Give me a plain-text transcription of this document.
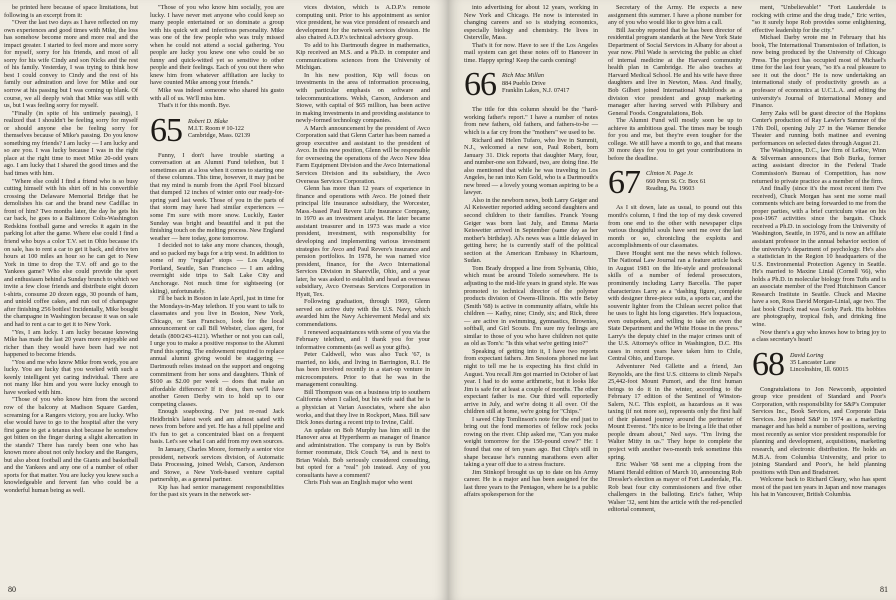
be printed here because of space limitations, but following is an excerpt from it:

"Over the last two days as I have reflected on my own experiences and good times with Mike, the loss has somehow become more and more real and the impact greater. I started to feel more and more sorry for myself, sorry for his friends, and most of all sorry for his wife Cindy and son Nicks and the rest of his family. Yesterday, I was trying to think how best I could convey to Cindy and the rest of his family our admiration and love for Mike and our sorrow at his passing but I was coming up blank. Of course, we all deeply wish that Mike was still with us, but I was feeling sorry for myself.

"Finally (in spite of his untimely passing), I realized that I shouldn't be feeling sorry for myself or should anyone else be feeling sorry for themselves because of Mike's passing. Do you know something my friends? I am lucky — I am lucky and so are you. I was lucky because I was in the right place at the right time to meet Mike 20-odd years ago. I am lucky that I shared the good times and the bad times with him.

"Where else could I find a friend who is so busy cutting himself with his shirt off in his convertible crossing the Delaware Memorial Bridge that he demolishes his car and the brand new Cadillac in front of him? Two months later, the day he gets his car back, he goes to a Baltimore Colts-Washington Redskins football game and wrecks it again in the parking lot after the game. Where else could I find a friend who buys a color T.V. set in Ohio because it's on sale, has to rent a car to get it back, and drive ten hours at 100 miles an hour so he can get to New York in time to drop the T.V. off and go to the Yankees game? Who else could provide the sport and enthusiasm behind a Sunday brunch to which we invite a few close friends and distribute eight dozen t-shirts, consume 20 dozen eggs, 30 pounds of ham, and untold coffee cakes, and run out of champagne after finishing 256 bottles! Incidentally, Mike bought the champagne in Washington because it was on sale and had to rent a car to get it to New York.

"Yes, I am lucky. I am lucky because knowing Mike has made the last 20 years more enjoyable and richer than they would have been had we not happened to become friends.

"You and me who know Mike from work, you are lucky. You are lucky that you worked with such a keenly intelligent yet caring individual. There are not many like him and you were lucky enough to have worked with him.

"Those of you who know him from the second row of the balcony at Madison Square Garden, screaming for a Rangers victory, you are lucky. Who else would have to go to the hospital after the very first game to get a tetanus shot because he somehow got bitten on the finger during a slight altercation in the stands? There has rarely been one who has known more about not only hockey and the Rangers, but also about football and the Giants and basketball and the Yankees and any one of a number of other sports for that matter. You are lucky you knew such a knowledgeable and fervent fan who could be a wonderful human being as well.

"Those of you who know him socially, you are lucky. I have never met anyone who could keep so many people entertained or so dominate a group with his quick wit and infectious personality. Mike was one of the few people who was truly missed when he could not attend a social gathering. You people are lucky you knew one who could be so funny and quick-witted yet so sensitive to other people and their feelings. Each of you out there who knew him from whatever affiliation are lucky to have counted Mike among your friends."

Mike was indeed someone who shared his gusto with all of us. We'll miss him.

That's it for this month. Bye.

65 Robert D. Blake
M.I.T. Room # 10-122
Cambridge, Mass. 02139

Funny, I don't have trouble starting a conversation at an Alumni Fund telethon, but I sometimes am at a loss when it comes to starting one of these columns. This time, however, it may just be that my mind is numb from the April Fool blizzard that dumped 12 inches of winter onto our ready-for-spring yard last week. Those of you in the parts of that storm may have had similar experiences — some I'm sure with more snow. Luckily, Easter Sunday was bright and beautiful and it put the finishing touch on the melting process. New England weather — here today, gone tomorrow.

I decided not to take any more chances, though, and so packed my bags for a trip west. In addition to some of my "regular" stops — Los Angeles, Portland, Seattle, San Francisco — I am adding overnight side trips to Salt Lake City and Anchorage. Not much time for sightseeing (or skiing), unfortunately.

I'll be back in Boston in late April, just in time for the Mondays-in-May telethon. If you want to talk to classmates and you live in Boston, New York, Chicago, or San Francisco, look for the local announcement or call Bill Webster, class agent, for details (800/243-4121). Whether or not you can call, I urge you to make a positive response to the Alumni Fund this spring. The endowment required to replace annual alumni giving would be staggering — Dartmouth relies instead on the support and ongoing commitment from her sons and daughters. Think of $100 as $2.00 per week — does that make an affordable difference? If it does, then we'll have another Green Derby win to hold up to our competing classes.

Enough soapboxing. I've just re-read Jack Heidbrink's latest work and am almost sated with news from before and yet. He has a full pipeline and it's fun to get a concentrated blast on a frequent basis. Let's see what I can add from my own sources.

In January, Charles Moore, formerly a senior vice president, network services division, of Automatic Data Processing, joined Welsh, Carson, Anderson and Stowe, a New York-based venture capital partnership, as a general partner.

Kip has had senior management responsibilities for the past six years in the network ser-

vices division, which is A.D.P.'s remote computing unit. Prior to his appointment as senior vice president, he was vice president of research and development for the network services division. He also chaired A.D.P.'s technical advisory group.

To add to his Dartmouth degree in mathematics, Kip received an M.S. and a Ph.D. in computer and communications sciences from the University of Michigan.

In his new position, Kip will focus on investments in the area of information processing, with particular emphasis on software and telecommunications. Welsh, Carson, Anderson and Stowe, with capital of $65 million, has been active in making investments in and providing assistance to newly-formed technology companies.

A March announcement by the president of Avco Corporation said that Glenn Carter has been named a group executive and assistant to the president of Avco. In this new position, Glenn will be responsible for overseeing the operations of the Avco New Idea Farm Equipment Division and the Avco International Services Division and its subsidiary, the Avco Overseas Services Corporation.

Glenn has more than 12 years of experience in finance and operations with Avco. He joined their principal life insurance subsidiary, the Worcester, Mass.-based Paul Revere Life Insurance Company, in 1970 as an investment analyst. He later became assistant treasurer and in 1973 was made a vice president, investment, with responsibility for developing and implementing various investment strategies for Avco and Paul Revere's insurance and pension portfolios. In 1978, he was named vice president, finance, for the Avco International Services Division in Shareville, Ohio, and a year later, he was asked to establish and head an overseas subsidiary, Avco Overseas Services Corporation in Hyatt, Tex.

Following graduation, through 1969, Glenn served on active duty with the U.S. Navy, which awarded him the Navy Achievement Medal and six commendations.

I renewed acquaintances with some of you via the February telethon, and I thank you for your informative comments (as well as your gifts).

Peter Caldwell, who was also Tuck '67, is married, no kids, and living in Barrington, R.I. He has been involved recently in a start-up venture in microcomputers. Prior to that he was in the management consulting.

Bill Thompson was on a business trip to southern California when I called, but his wife said that he is a physician at Varian Associates, where she also works, and that they live in Rockport, Mass. Bill saw Dick Jones during a recent trip to Irvine, Calif.

An update on Bob Murphy has him still in the Hanover area at Hypertherm as manager of finance and administration. The company is run by Bob's former roommate, Dick Couch '64, and is next to Brian Walsh. Bob seriously considered consulting, but opted for a "real" job instead. Any of you consultants have a comment?

Chris Fish was an English major who went

80

into advertising for about 12 years, working in New York and Chicago. He now is interested in changing careers and so is studying economics, especially biology and chemistry. He lives in Osterville, Mass.

That's it for now. Have to see if the Los Angeles mail system can get these notes off to Hanover in time. Happy spring! Keep the cards coming!

66 Rich Mac Millan
884 Pueblo Drive
Franklin Lakes, N.J. 07417

The title for this column should be the "hard-working father's report." I have a number of notes from new fathers, old fathers, and fathers-to-be — which is a far cry from the "mothers" we used to be.

Richard and Helen Tufaro, who live in Summit, N.J., welcomed a new son, Paul Robert, born January 31. Dick reports that daughter Mary, four, and number-one son Edward, two, are doing fine. He also mentioned that while he was traveling in Los Angeles, he ran into Ken Gold, who is a Dartmouth's new breed — a lovely young woman aspiring to be a lawyer.

Also in the newborn news, both Larry Geiger and Al Keiswetter reported adding second daughters and second children to their families. Franck Young Geiger was born last July, and Emma Maria Keiswetter arrived in September (same day as her mother's birthday). Al's news was a little delayed in getting here; he is currently staff of the political section at the American Embassy in Khartoum, Sudan.

Tom Brady dropped a line from Sylvania, Ohio, which must be around Toledo somewhere. He is adjusting to the mid-life years in grand style. He was promoted to technical director of the polymer products division of Owens-Illinois. His wife Betsy (Smith '68) is active in community affairs, while his children — Kathy, nine; Cindy, six; and Rick, three — are active in swimming, gymnastics, Brownies, softball, and Girl Scouts. I'm sure my feelings are similar to those of you who have children not quite as old as Tom's: "Is this what we're getting into?"

Speaking of getting into it, I have two reports from expectant fathers. Jim Sessions phoned me last night to tell me he is expecting his first child in August. You recall Jim got married in October of last year. I had to do some arithmetic, but it looks like Jim is safe for at least a couple of months. The other expectant father is me. Our third will reportedly arrive in July, and we're doing it all over. Of the children still at home, we're going for "Chips."

I saved Chip Tomlinson's note for the end just to bring out the fond memories of fellow rock jocks rowing on the river. Chip asked me, "Can you make weight tomorrow for the 150-pound crew?" He: I found that one of ten years ago. But Chip's still in shape because he's running marathons even after taking a year off due to a stress fracture.

Jim Stinkopf brought us up to date on his Army career. He is a major and has been assigned for the last three years to the Pentagon, where he is a public affairs spokesperson for the

Secretary of the Army. He expects a new assignment this summer. I have a phone number for any of you who would like to give him a call.

Bill Jacoby reported that he has been director of residential program standards at the New York State Department of Social Services in Albany for about a year now. Phil Wade is servicing the public as chief of internal medicine at the Harvard community health plan in Cambridge. He also teaches at Harvard Medical School. He and his wife have three daughters and live in Newton, Mass. And finally, Bob Gilbert joined International Multifoods as a division vice president and group marketing manager after having served with Pillsbury and General Foods. Congratulations, Bob.

The Alumni Fund will mostly soon be up to achieve its ambitious goal. The times may be tough for you and me, but they're even tougher for the college. We still have a month to go, and that means 30 more days for you to get your contributions in before the deadline.

67 Clinton N. Page Jr.
660 Penn St. Cr. Box 61
Reading, Pa. 19603

As I sit down, late as usual, to pound out this month's column, I find the top of my desk covered from one end to the other with newspaper clips various thoughtful souls have sent me over the last month or so, chronicling the exploits and accomplishments of our classmates.

Dave Hought sent me the news which follows. The National Law Journal ran a feature article back in August 1981 on the life-style and professional skills of a number of federal prosecutors, prominently including Larry Barcella. The paper characterizes Larry as a "dashing figure, complete with designer three-piece suits, a sports car, and the souvenir lighter from the Chilean secret police that he uses to light his long cigarettes. He's loquacious, even outspoken, and willing to take on even the State Department and the White House in the press." Larry's the deputy chief in the major crimes unit of the U.S. Attorney's office in Washington, D.C. His cases in recent years have taken him to Chile, Central Ohio, and Europe.

Adventurer Ned Gillette and a friend, Jan Reynolds, are the first U.S. citizens to climb Nepal's 25,442-foot Mount Pumori, and the first human beings to do it in the winter, according to the February 17 edition of the Sentinel of Winston-Salem, N.C. This exploit, as hazardous as it was taxing (if not more so), represents only the first half of their planned journey around the perimeter of Mount Everest. "It's nice to be living a life that other people dream about," Ned says. "I'm living the Walter Mitty in us." They hope to complete the project with another two-month trek sometime this spring.

Eric Walser '68 sent me a clipping from the Miami Herald edition of March 10, announcing Rob Dressler's election as mayor of Fort Lauderdale, Fla. Rob beat four city commissioners and five other challengers in the balloting. Eric's father, Whip Walser '32, sent him the article with the red-penciled editorial comment,

ment, "Unbelievable!" "Fort Lauderdale is rocking with crime and the drug trade," Eric writes, "so it surely hope Rob provides some enlightening, effective leadership for the city."

Michael Darby wrote me in February that his book, The International Transmission of Inflation, is now being produced by the University of Chicago Press. The project has occupied most of Michael's time for the last four years, "so it's a real pleasure to see it out the door." He is now undertaking an international study of productivity growth as a professor of economics at U.C.L.A. and editing the university's Journal of International Money and Finance.

Jerry Zaks will be guest director of the Hopkins Center's production of Ray Lawler's Summer of the 17th Doll, opening July 27 in the Warner Beneke Theater and running both matinee and evening performances on selected dates through August 21.

The Washington, D.C., law firm of LeRoc, Winn & Silverman announces that Bob Burka, former acting assistant director in the Federal Trade Commission's Bureau of Competition, has now returned to private practice as a member of the firm.

And finally (since it's the most recent item I've received), Chuck Morgan has sent me some mail comments which are being forwarded to me from the proper parties, with a brief curriculum vitae on his post-1967 activities since the bargain. Chuck received a Ph.D. in sociology from the University of Washington, Seattle, in 1976, and is now an affiliate assistant professor in the annual behavior section of the university's department of psychology. He's also a statistician in the Region 10 headquarters of the U.S. Environmental Protection Agency in Seattle. He's married to Maxine Linial (Cornell '66), who holds a Ph.D. in molecular biology from Tufts and is an associate member of the Fred Hutchinson Cancer Research Institute in Seattle. Chuck and Maxine have a son, Ross David Morgan-Linial, age two. The last book Chuck read was Gorky Park. His hobbies are photography, tropical fish, and drinking fine wine.

Now there's a guy who knows how to bring joy to a class secretary's heart!

68 David Loring
35 Lancaster Lane
Lincolnshire, Ill. 60015

Congratulations to Jon Newcomb, appointed group vice president of Standard and Poor's Corporation, with responsibility for S&P's Computer Services Inc., Book Services, and Corporate Data Services. Jon joined S&P in 1974 as a marketing manager and has held a number of positions, serving most recently as senior vice president responsible for planning and development, acquisitions, marketing research, and electronic distribution. He holds an M.B.A. from Columbia University, and prior to joining Standard and Poor's, he held planning positions with Dun and Bradstreet.

Welcome back to Richard Cleary, who has spent most of the past ten years in Japan and now manages his hat in Vancouver, British Columbia.

81
